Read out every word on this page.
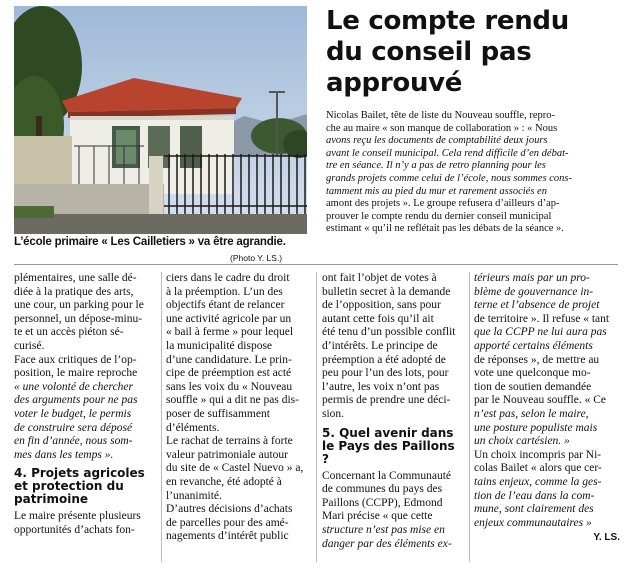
L’école primaire « Les Cailletiers » va être agrandie.
(Photo Y. LS.)
Le compte rendu
du conseil pas
approuvé
Nicolas Bailet, tête de liste du Nouveau souffle, repro-
che au maire « son manque de collaboration » : « Nous
avons reçu les documents de comptabilité deux jours
avant le conseil municipal. Cela rend difficile d’en débat-
tre en séance. Il n’y a pas de retro planning pour les
grands projets comme celui de l’école, nous sommes cons-
tamment mis au pied du mur et rarement associés en
amont des projets ». Le groupe refusera d’ailleurs d’ap-
prouver le compte rendu du dernier conseil municipal
estimant « qu’il ne reflétait pas les débats de la séance ».
plémentaires, une salle dé-
diée à la pratique des arts,
une cour, un parking pour le
personnel, un dépose-minu-
te et un accès piéton sé-
curisé.
Face aux critiques de l’op-
position, le maire reproche
« une volonté de chercher
des arguments pour ne pas
voter le budget, le permis
de construire sera déposé
en fin d’année, nous som-
mes dans les temps ».
4. Projets agricoles et protection du patrimoine
Le maire présente plusieurs
opportunités d’achats fon-
ciers dans le cadre du droit
à la préemption. L’un des
objectifs étant de relancer
une activité agricole par un
« bail à ferme » pour lequel
la municipalité dispose
d’une candidature. Le prin-
cipe de préemption est acté
sans les voix du « Nouveau
souffle » qui a dit ne pas dis-
poser de suffisamment
d’éléments.
Le rachat de terrains à forte
valeur patrimoniale autour
du site de « Castel Nuevo » a,
en revanche, été adopté à
l’unanimité.
D’autres décisions d’achats
de parcelles pour des amé-
nagements d’intérêt public
ont fait l’objet de votes à
bulletin secret à la demande
de l’opposition, sans pour
autant cette fois qu’il ait
été tenu d’un possible conflit
d’intérêts. Le principe de
préemption a été adopté de
peu pour l’un des lots, pour
l’autre, les voix n’ont pas
permis de prendre une déci-
sion.
5. Quel avenir dans le Pays des Paillons ?
Concernant la Communauté
de communes du pays des
Paillons (CCPP), Edmond
Mari précise « que cette
structure n’est pas mise en
danger par des éléments ex-
térieurs mais par un pro-
blème de gouvernance in-
terne et l’absence de projet
de territoire ». Il refuse « tant
que la CCPP ne lui aura pas
apporté certains éléments
de réponses », de mettre au
vote une quelconque mo-
tion de soutien demandée
par le Nouveau souffle. « Ce
n’est pas, selon le maire,
une posture populiste mais
un choix cartésien. »
Un choix incompris par Ni-
colas Bailet « alors que cer-
tains enjeux, comme la ges-
tion de l’eau dans la com-
mune, sont clairement des
enjeux communautaires »
Y. LS.
